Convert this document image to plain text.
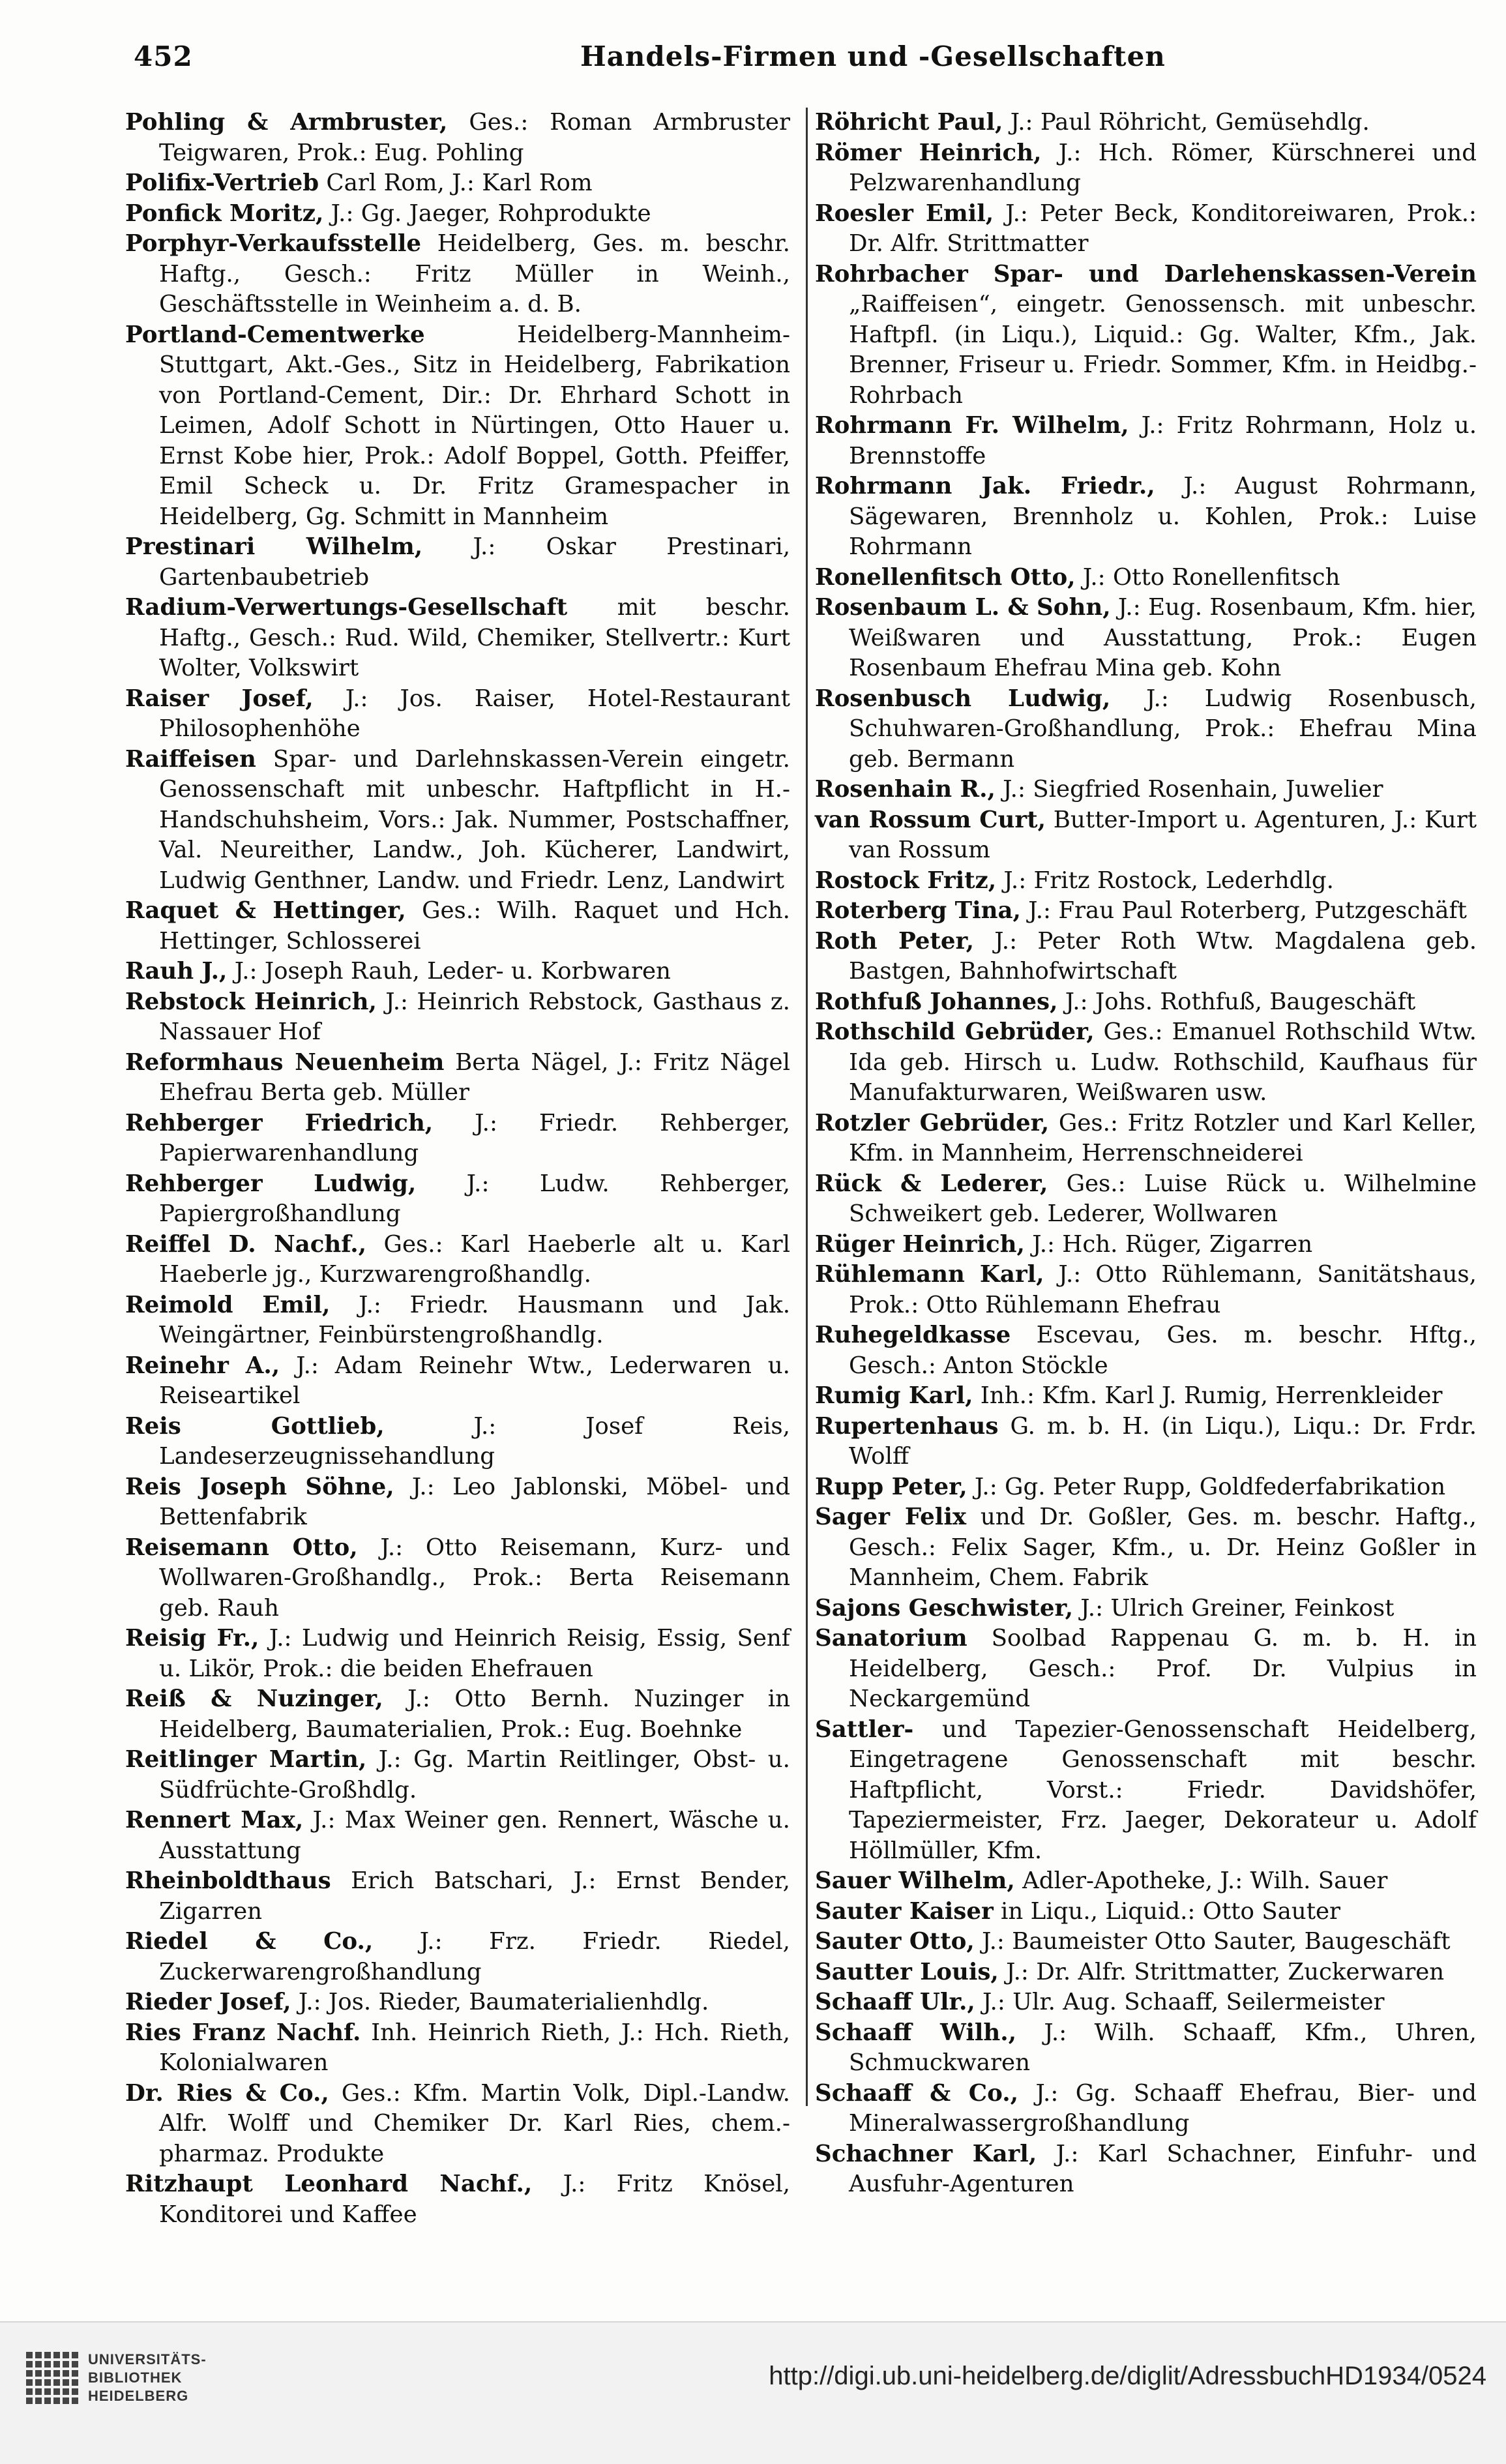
452	Handels-Firmen und -Gesellschaften
Pohling & Armbruster, Ges.: Roman Armbruster Teigwaren, Prok.: Eug. Pohling
Polifix-Vertrieb Carl Rom, J.: Karl Rom
Ponfick Moritz, J.: Gg. Jaeger, Rohprodukte
Porphyr-Verkaufsstelle Heidelberg, Ges. m. beschr. Haftg., Gesch.: Fritz Müller in Weinh., Geschäftsstelle in Weinheim a. d. B.
Portland-Cementwerke Heidelberg-Mannheim-Stuttgart, Akt.-Ges., Sitz in Heidelberg, Fabrikation von Portland-Cement, Dir.: Dr. Ehrhard Schott in Leimen, Adolf Schott in Nürtingen, Otto Hauer u. Ernst Kobe hier, Prok.: Adolf Boppel, Gotth. Pfeiffer, Emil Scheck u. Dr. Fritz Gramespacher in Heidelberg, Gg. Schmitt in Mannheim
Prestinari Wilhelm, J.: Oskar Prestinari, Gartenbaubetrieb
Radium-Verwertungs-Gesellschaft mit beschr. Haftg., Gesch.: Rud. Wild, Chemiker, Stellvertr.: Kurt Wolter, Volkswirt
Raiser Josef, J.: Jos. Raiser, Hotel-Restaurant Philosophenhöhe
Raiffeisen Spar- und Darlehnskassen-Verein eingetr. Genossenschaft mit unbeschr. Haftpflicht in H.-Handschuhsheim, Vors.: Jak. Nummer, Postschaffner, Val. Neureither, Landw., Joh. Kücherer, Landwirt, Ludwig Genthner, Landw. und Friedr. Lenz, Landwirt
Raquet & Hettinger, Ges.: Wilh. Raquet und Hch. Hettinger, Schlosserei
Rauh J., J.: Joseph Rauh, Leder- u. Korbwaren
Rebstock Heinrich, J.: Heinrich Rebstock, Gasthaus z. Nassauer Hof
Reformhaus Neuenheim Berta Nägel, J.: Fritz Nägel Ehefrau Berta geb. Müller
Rehberger Friedrich, J.: Friedr. Rehberger, Papierwarenhandlung
Rehberger Ludwig, J.: Ludw. Rehberger, Papiergroßhandlung
Reiffel D. Nachf., Ges.: Karl Haeberle alt u. Karl Haeberle jg., Kurzwarengroßhandlg.
Reimold Emil, J.: Friedr. Hausmann und Jak. Weingärtner, Feinbürstengroßhandlg.
Reinehr A., J.: Adam Reinehr Wtw., Lederwaren u. Reiseartikel
Reis Gottlieb, J.: Josef Reis, Landeserzeugnissehandlung
Reis Joseph Söhne, J.: Leo Jablonski, Möbel- und Bettenfabrik
Reisemann Otto, J.: Otto Reisemann, Kurz- und Wollwaren-Großhandlg., Prok.: Berta Reisemann geb. Rauh
Reisig Fr., J.: Ludwig und Heinrich Reisig, Essig, Senf u. Likör, Prok.: die beiden Ehefrauen
Reiß & Nuzinger, J.: Otto Bernh. Nuzinger in Heidelberg, Baumaterialien, Prok.: Eug. Boehnke
Reitlinger Martin, J.: Gg. Martin Reitlinger, Obst- u. Südfrüchte-Großhdlg.
Rennert Max, J.: Max Weiner gen. Rennert, Wäsche u. Ausstattung
Rheinboldthaus Erich Batschari, J.: Ernst Bender, Zigarren
Riedel & Co., J.: Frz. Friedr. Riedel, Zuckerwarengroßhandlung
Rieder Josef, J.: Jos. Rieder, Baumaterialienhdlg.
Ries Franz Nachf. Inh. Heinrich Rieth, J.: Hch. Rieth, Kolonialwaren
Dr. Ries & Co., Ges.: Kfm. Martin Volk, Dipl.-Landw. Alfr. Wolff und Chemiker Dr. Karl Ries, chem.-pharmaz. Produkte
Ritzhaupt Leonhard Nachf., J.: Fritz Knösel, Konditorei und Kaffee
Röhricht Paul, J.: Paul Röhricht, Gemüsehdlg.
Römer Heinrich, J.: Hch. Römer, Kürschnerei und Pelzwarenhandlung
Roesler Emil, J.: Peter Beck, Konditoreiwaren, Prok.: Dr. Alfr. Strittmatter
Rohrbacher Spar- und Darlehenskassen-Verein „Raiffeisen“, eingetr. Genossensch. mit unbeschr. Haftpfl. (in Liqu.), Liquid.: Gg. Walter, Kfm., Jak. Brenner, Friseur u. Friedr. Sommer, Kfm. in Heidbg.-Rohrbach
Rohrmann Fr. Wilhelm, J.: Fritz Rohrmann, Holz u. Brennstoffe
Rohrmann Jak. Friedr., J.: August Rohrmann, Sägewaren, Brennholz u. Kohlen, Prok.: Luise Rohrmann
Ronellenfitsch Otto, J.: Otto Ronellenfitsch
Rosenbaum L. & Sohn, J.: Eug. Rosenbaum, Kfm. hier, Weißwaren und Ausstattung, Prok.: Eugen Rosenbaum Ehefrau Mina geb. Kohn
Rosenbusch Ludwig, J.: Ludwig Rosenbusch, Schuhwaren-Großhandlung, Prok.: Ehefrau Mina geb. Bermann
Rosenhain R., J.: Siegfried Rosenhain, Juwelier
van Rossum Curt, Butter-Import u. Agenturen, J.: Kurt van Rossum
Rostock Fritz, J.: Fritz Rostock, Lederhdlg.
Roterberg Tina, J.: Frau Paul Roterberg, Putzgeschäft
Roth Peter, J.: Peter Roth Wtw. Magdalena geb. Bastgen, Bahnhofwirtschaft
Rothfuß Johannes, J.: Johs. Rothfuß, Baugeschäft
Rothschild Gebrüder, Ges.: Emanuel Rothschild Wtw. Ida geb. Hirsch u. Ludw. Rothschild, Kaufhaus für Manufakturwaren, Weißwaren usw.
Rotzler Gebrüder, Ges.: Fritz Rotzler und Karl Keller, Kfm. in Mannheim, Herrenschneiderei
Rück & Lederer, Ges.: Luise Rück u. Wilhelmine Schweikert geb. Lederer, Wollwaren
Rüger Heinrich, J.: Hch. Rüger, Zigarren
Rühlemann Karl, J.: Otto Rühlemann, Sanitätshaus, Prok.: Otto Rühlemann Ehefrau
Ruhegeldkasse Escevau, Ges. m. beschr. Hftg., Gesch.: Anton Stöckle
Rumig Karl, Inh.: Kfm. Karl J. Rumig, Herrenkleider
Rupertenhaus G. m. b. H. (in Liqu.), Liqu.: Dr. Frdr. Wolff
Rupp Peter, J.: Gg. Peter Rupp, Goldfederfabrikation
Sager Felix und Dr. Goßler, Ges. m. beschr. Haftg., Gesch.: Felix Sager, Kfm., u. Dr. Heinz Goßler in Mannheim, Chem. Fabrik
Sajons Geschwister, J.: Ulrich Greiner, Feinkost
Sanatorium Soolbad Rappenau G. m. b. H. in Heidelberg, Gesch.: Prof. Dr. Vulpius in Neckargemünd
Sattler- und Tapezier-Genossenschaft Heidelberg, Eingetragene Genossenschaft mit beschr. Haftpflicht, Vorst.: Friedr. Davidshöfer, Tapeziermeister, Frz. Jaeger, Dekorateur u. Adolf Höllmüller, Kfm.
Sauer Wilhelm, Adler-Apotheke, J.: Wilh. Sauer
Sauter Kaiser in Liqu., Liquid.: Otto Sauter
Sauter Otto, J.: Baumeister Otto Sauter, Baugeschäft
Sautter Louis, J.: Dr. Alfr. Strittmatter, Zuckerwaren
Schaaff Ulr., J.: Ulr. Aug. Schaaff, Seilermeister
Schaaff Wilh., J.: Wilh. Schaaff, Kfm., Uhren, Schmuckwaren
Schaaff & Co., J.: Gg. Schaaff Ehefrau, Bier- und Mineralwassergroßhandlung
Schachner Karl, J.: Karl Schachner, Einfuhr- und Ausfuhr-Agenturen
UNIVERSITÄTS-
BIBLIOTHEK
HEIDELBERG
http://digi.ub.uni-heidelberg.de/diglit/AdressbuchHD1934/0524
